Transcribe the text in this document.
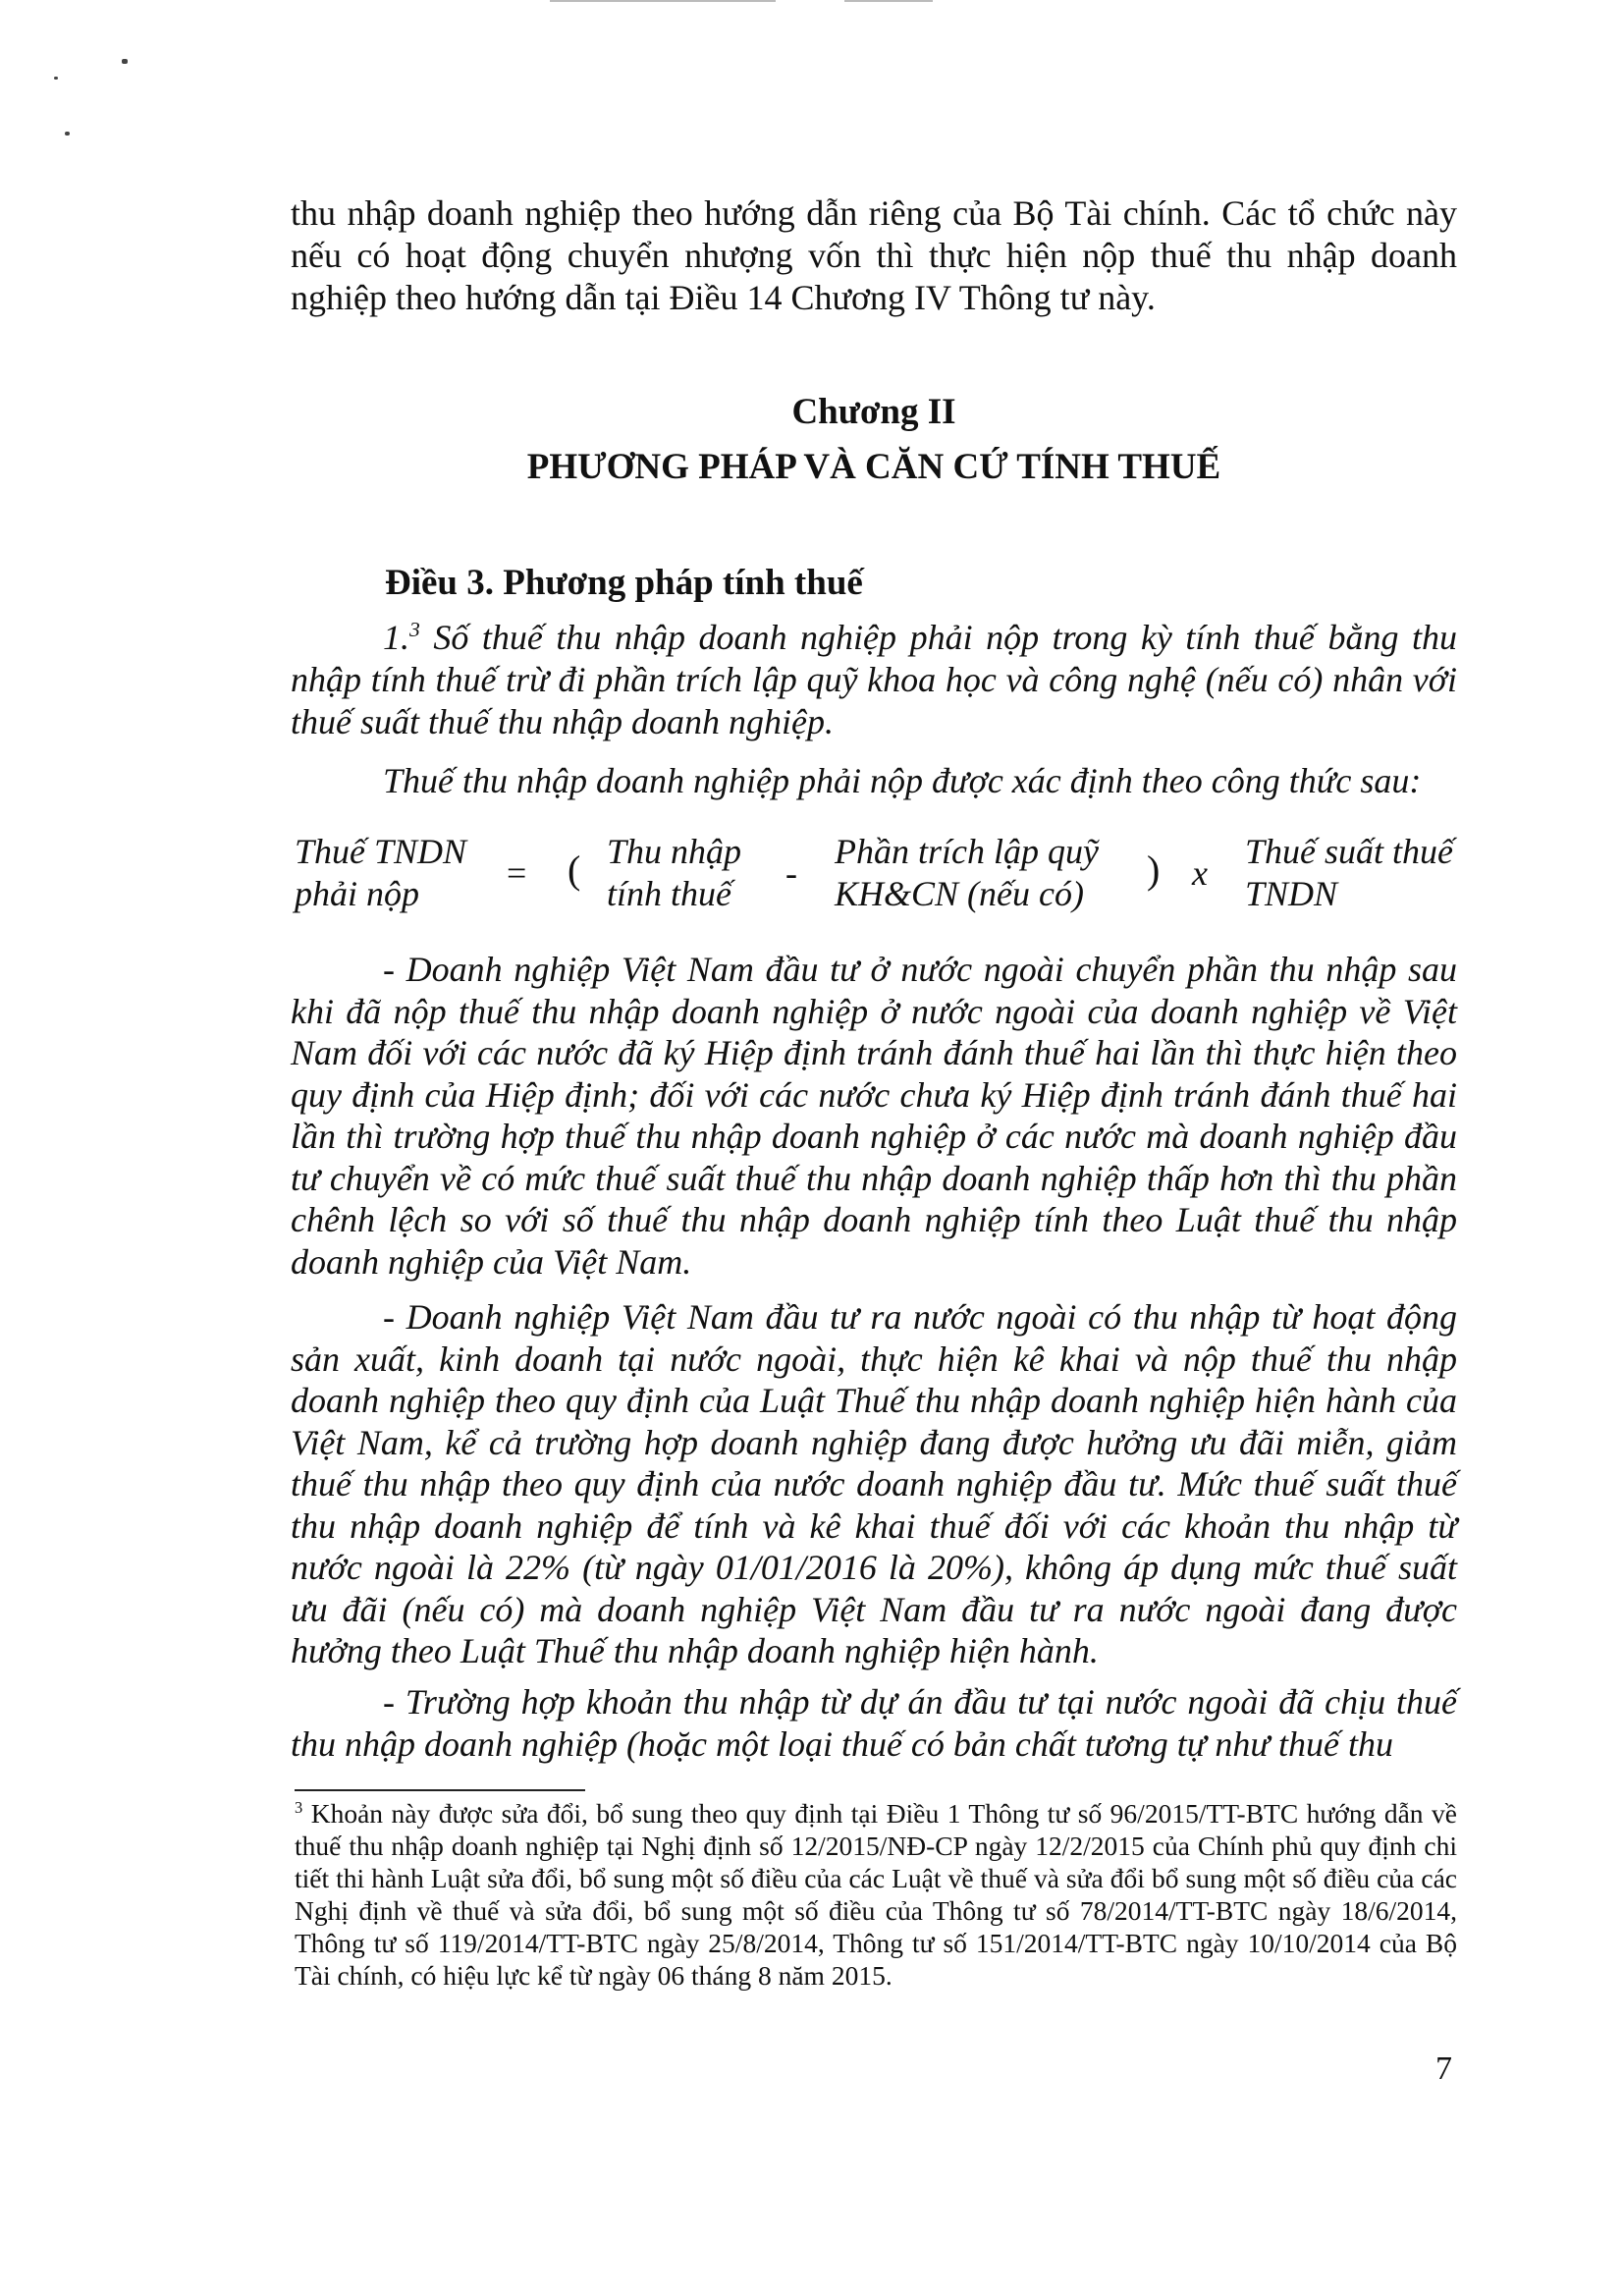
thu nhập doanh nghiệp theo hướng dẫn riêng của Bộ Tài chính. Các tổ chức này nếu có hoạt động chuyển nhượng vốn thì thực hiện nộp thuế thu nhập doanh nghiệp theo hướng dẫn tại Điều 14 Chương IV Thông tư này.

Chương II

PHƯƠNG PHÁP VÀ CĂN CỨ TÍNH THUẾ

Điều 3. Phương pháp tính thuế

1.$^3$ Số thuế thu nhập doanh nghiệp phải nộp trong kỳ tính thuế bằng thu nhập tính thuế trừ đi phần trích lập quỹ khoa học và công nghệ (nếu có) nhân với thuế suất thuế thu nhập doanh nghiệp.

Thuế thu nhập doanh nghiệp phải nộp được xác định theo công thức sau:

Thuế TNDN
phải nộp
= ( Thu nhập
tính thuế
-
Phần trích lập quỹ
KH&CN (nếu có)
) x
Thuế suất thuế
TNDN

- Doanh nghiệp Việt Nam đầu tư ở nước ngoài chuyển phần thu nhập sau khi đã nộp thuế thu nhập doanh nghiệp ở nước ngoài của doanh nghiệp về Việt Nam đối với các nước đã ký Hiệp định tránh đánh thuế hai lần thì thực hiện theo quy định của Hiệp định; đối với các nước chưa ký Hiệp định tránh đánh thuế hai lần thì trường hợp thuế thu nhập doanh nghiệp ở các nước mà doanh nghiệp đầu tư chuyển về có mức thuế suất thuế thu nhập doanh nghiệp thấp hơn thì thu phần chênh lệch so với số thuế thu nhập doanh nghiệp tính theo Luật thuế thu nhập doanh nghiệp của Việt Nam.

- Doanh nghiệp Việt Nam đầu tư ra nước ngoài có thu nhập từ hoạt động sản xuất, kinh doanh tại nước ngoài, thực hiện kê khai và nộp thuế thu nhập doanh nghiệp theo quy định của Luật Thuế thu nhập doanh nghiệp hiện hành của Việt Nam, kể cả trường hợp doanh nghiệp đang được hưởng ưu đãi miễn, giảm thuế thu nhập theo quy định của nước doanh nghiệp đầu tư. Mức thuế suất thuế thu nhập doanh nghiệp để tính và kê khai thuế đối với các khoản thu nhập từ nước ngoài là 22% (từ ngày 01/01/2016 là 20%), không áp dụng mức thuế suất ưu đãi (nếu có) mà doanh nghiệp Việt Nam đầu tư ra nước ngoài đang được hưởng theo Luật Thuế thu nhập doanh nghiệp hiện hành.

- Trường hợp khoản thu nhập từ dự án đầu tư tại nước ngoài đã chịu thuế thu nhập doanh nghiệp (hoặc một loại thuế có bản chất tương tự như thuế thu

$^3$ Khoản này được sửa đổi, bổ sung theo quy định tại Điều 1 Thông tư số 96/2015/TT-BTC hướng dẫn về thuế thu nhập doanh nghiệp tại Nghị định số 12/2015/NĐ-CP ngày 12/2/2015 của Chính phủ quy định chi tiết thi hành Luật sửa đổi, bổ sung một số điều của các Luật về thuế và sửa đổi bổ sung một số điều của các Nghị định về thuế và sửa đổi, bổ sung một số điều của Thông tư số 78/2014/TT-BTC ngày 18/6/2014, Thông tư số 119/2014/TT-BTC ngày 25/8/2014, Thông tư số 151/2014/TT-BTC ngày 10/10/2014 của Bộ Tài chính, có hiệu lực kể từ ngày 06 tháng 8 năm 2015.

7
